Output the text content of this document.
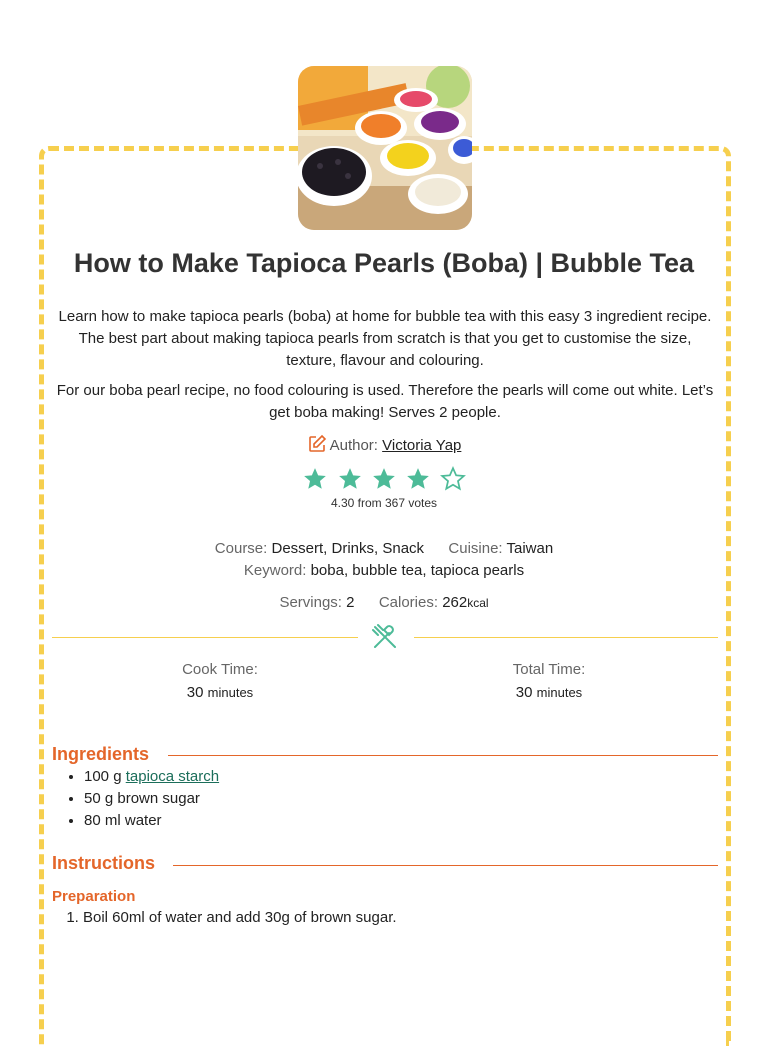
How to Make Tapioca Pearls (Boba) | Bubble Tea

Learn how to make tapioca pearls (boba) at home for bubble tea with this easy 3 ingredient recipe. The best part about making tapioca pearls from scratch is that you get to customise the size, texture, flavour and colouring.

For our boba pearl recipe, no food colouring is used. Therefore the pearls will come out white. Let’s get boba making! Serves 2 people.

Author: Victoria Yap

4.30 from 367 votes
Course: Dessert, Drinks, Snack Cuisine: Taiwan
Keyword: boba, bubble tea, tapioca pearls
Servings: 2 Calories: 262kcal
Cook Time:
30 minutes
Total Time:
30 minutes
Ingredients
• 100 g tapioca starch
• 50 g brown sugar
• 80 ml water
Instructions
Preparation
1. Boil 60ml of water and add 30g of brown sugar.
